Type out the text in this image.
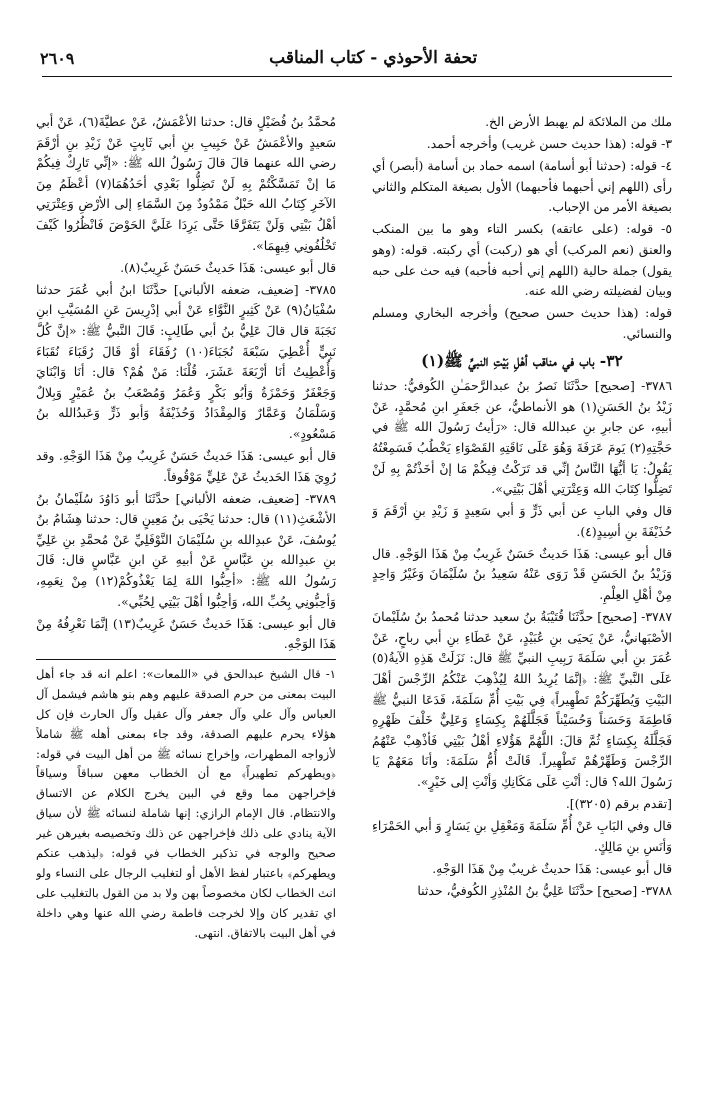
تحفة الأحوذي - كتاب المناقب
٢٦٠٩

ملك من الملائكة لم يهبط الأرض الخ.

٣- قوله: (هذا حديث حسن غريب) وأخرجه أحمد.

٤- قوله: (حدثنا أبو أسامة) اسمه حماد بن أسامة (أبصر) أي رأى (اللهم إني أحبهما فأحبهما) الأول بصيغة المتكلم والثاني بصيغة الأمر من الإحباب.

٥- قوله: (على عاتقه) بكسر التاء وهو ما بين المنكب والعنق (نعم المركب) أي هو (ركبت) أي ركبته. قوله: (وهو يقول) جملة حالية (اللهم إني أحبه فأحبه) فيه حث على حبه وبيان لفضيلته رضي الله عنه.

قوله: (هذا حديث حسن صحيح) وأخرجه البخاري ومسلم والنسائي.

٣٢- باب في مناقب أهْلِ بَيْتِ النبيِّ ﷺ(١)

٣٧٨٦- [صحيح] حدَّثَنَا نَصرُ بنُ عبدالرَّحمَـٰنِ الكُوفيُّ: حدثنا زَيْدُ بنُ الحَسَنِ(١) هو الأنماطيُّ، عن جَعفَرِ ابنِ مُحمَّدٍ، عَنْ أبيهِ، عن جابرِ بنِ عبدالله قال: «رَأيتُ رَسُولَ الله ﷺ في حَجَّتِهِ(٢) يَومَ عَرَفَةَ وَهُوَ عَلَى نَاقَتِهِ القَصْوَاءِ يَخْطُبُ فَسَمِعْتُهُ يَقُولُ: يَا أيُّهَا النَّاسُ إنِّي قد تَرَكْتُ فِيكُمْ مَا إنْ أخَذْتُمْ بِهِ لَنْ تَضِلُّوا كِتَابَ الله وَعِتْرَتِي أهْلَ بَيْتِي».

قال وفي البابِ عن أبي ذَرٍّ وَ أبي سَعِيدٍ وَ زَيْدِ بنِ أرْقَمَ وَ حُذَيْفَةَ بنِ أسِيدٍ(٤).

قال أبو عيسى: هَذَا حَديثٌ حَسَنٌ غَرِيبٌ مِنْ هَذَا الوَجْهِ. قال وَزَيْدُ بنُ الحَسَنِ قَدْ رَوَى عَنْهُ سَعِيدُ بنُ سُلَيْمَانَ وَغَيْرُ وَاحِدٍ مِنْ أهْلِ العِلْمِ.

٣٧٨٧- [صحيح] حدَّثَنَا قُتَيْبَةُ بنُ سعيد حدثنا مُحمدُ بنُ سُلَيْمانَ الأصْبَهانيُّ، عَنْ يَحيَى بنِ عُبَيْدٍ، عَنْ عَطَاءِ بنِ أبي رباحٍ، عَنْ عُمَرَ بنِ أبي سَلَمَةَ رَبِيبِ النبيِّ ﷺ قال: نَزَلَتْ هَذِهِ الآيةُ(٥) عَلَى النَّبيِّ ﷺ: ﴿إنَّمَا يُرِيدُ اللهُ لِيُذْهِبَ عَنْكُمُ الرِّجْسَ أهْلَ البَيْتِ وَيُطَهِّرَكُمْ تَطْهِيراً﴾ فِي بَيْتِ أُمِّ سَلَمَةَ، فَدَعَا النبيُّ ﷺ فَاطِمَةَ وَحَسَناً وَحُسَيْناً فَجَلَّلَهُمْ بِكِسَاءٍ وَعَلِيٌّ خَلْفَ ظَهْرِهِ فَجَلَّلَهُ بِكِسَاءٍ ثُمَّ قالَ: اللَّهُمَّ هَؤُلاءِ أهْلُ بَيْتِي فَأذْهِبْ عَنْهُمُ الرِّجْسَ وَطَهِّرْهُمْ تَطْهِيراً. قَالَتْ أُمُّ سَلَمَةَ: وأنَا مَعَهُمْ يَا رَسُولَ الله؟ قال: أنْتِ عَلَى مَكَانِكِ وَأنْتِ إلى خَيْرٍ».

[تقدم برقم (٣٢٠٥)].

قال وفي البَابِ عَنْ أُمِّ سَلَمَةَ وَمَعْقِلِ بنِ يَسَارٍ وَ أبي الحَمْرَاءِ وَأنَسِ بنِ مَالِكٍ.

قال أبو عيسى: هَذَا حديثٌ غريبٌ مِنْ هَذَا الوَجْهِ.

٣٧٨٨- [صحيح] حدَّثَنَا عَلِيُّ بنُ المُنْذِرِ الكُوفيُّ، حدثنا

مُحمَّدُ بنُ فُضَيْلٍ قال: حدثنا الأعْمَشُ، عَنْ عطيَّةَ(٦)، عَنْ أبي سَعيدٍ والأعْمَشُ عَنْ حَبِيبِ بنِ أبي ثَابِتٍ عَنْ زَيْدِ بنِ أرْقَمَ رضي الله عنهما قالَ قالَ رَسُولُ الله ﷺ: «إنِّي تَارِكٌ فِيكُمْ مَا إنْ تَمَسَّكْتُمْ بِهِ لَنْ تَضِلُّوا بَعْدِي أحَدُهُمَا(٧) أعْظَمُ مِنَ الآخَرِ كِتَابُ الله حَبْلٌ مَمْدُودٌ مِنَ السَّمَاءِ إلى الأرْضِ وَعِتْرَتِي أهْلُ بَيْتِي وَلَنْ يَتَفَرَّقَا حَتَّى يَرِدَا عَلَيَّ الحَوْضَ فَانْظُرُوا كَيْفَ تَخْلُفُونِي فِيهِمَا».

قال أبو عيسى: هَذَا حَديثٌ حَسَنٌ غَرِيبٌ(٨).

٣٧٨٥- [ضعيف، ضعفه الألباني] حدَّثَنَا ابنُ أبي عُمَرَ حدثنا سُفْيَانُ(٩) عَنْ كَثِيرٍ النَّوَّاءِ عَنْ أبي إدْرِيسَ عَنِ المُسَيَّبِ ابنِ نَجَبَةَ قال قالَ عَلِيُّ بنُ أبي طَالِبٍ: قَالَ النَّبيُّ ﷺ: «إنَّ كُلَّ نَبِيٍّ أُعْطِيَ سَبْعَةَ نُجَبَاءَ(١٠) رُفَقَاءَ أوْ قَالَ رُقَبَاءَ نُقَبَاءَ وَأُعْطِيتُ أنَا أرْبَعَةَ عَشَرَ، قُلْنَا: مَنْ هُمْ؟ قال: أنَا وَابْنَايَ وَجَعْفَرٌ وَحَمْزَةُ وَأبُو بَكْرٍ وَعُمَرُ وَمُصْعَبُ بنُ عُمَيْرٍ وَبِلالٌ وَسَلْمَانُ وَعَمَّارٌ وَالمِقْدَادُ وَحُذَيْفَةُ وَأبو ذَرٍّ وَعَبدُالله بنُ مَسْعُودٍ».

قال أبو عيسى: هَذَا حَديثٌ حَسَنٌ غَرِيبٌ مِنْ هَذَا الوَجْهِ. وقد رُوِيَ هَذَا الحَديثُ عَنْ عَلِيٍّ مَوْقُوفاً.

٣٧٨٩- [ضعيف، ضعفه الألباني] حدَّثَنَا أبو دَاوُدَ سُلَيْمانُ بنُ الأشْعَثِ(١١) قال: حدثنا يَحْيَى بنُ مَعِينٍ قال: حدثنا هِشَامُ بنُ يُوسُفَ، عَنْ عبدِالله بنِ سُلَيْمَانَ النَّوْفَلِيِّ عَنْ مُحمَّدِ بنِ عَلِيِّ بنِ عبدِالله بنِ عَبَّاسٍ عَنْ أبيهِ عَنِ ابنِ عَبَّاسٍ قال: قَالَ رَسُولُ الله ﷺ: «أحِبُّوا اللهَ لِمَا يَغْذُوكُمْ(١٢) مِنْ نِعَمِهِ، وَأحِبُّونِي بِحُبِّ الله، وَأحِبُّوا أهْلَ بَيْتِي لِحُبِّي».

قال أبو عيسى: هَذَا حَديثٌ حَسَنٌ غَرِيبٌ(١٣) إنَّمَا نَعْرِفُهُ مِنْ هَذَا الوَجْهِ.

١- قال الشيخ عبدالحق في «اللمعات»: اعلم انه قد جاء أهل البيت بمعنى من حرم الصدقة عليهم وهم بنو هاشم فيشمل آل العباس وآل علي وآل جعفر وآل عقيل وآل الحارث فإن كل هؤلاء يحرم عليهم الصدقة، وقد جاء بمعنى أهله ﷺ شاملاً لأزواجه المطهرات، وإخراج نسائه ﷺ من أهل البيت في قوله: ﴿ويطهركم تطهيراً﴾ مع أن الخطاب معهن سباقاً وسياقاً فإخراجهن مما وقع في البين يخرج الكلام عن الاتساق والانتظام. قال الإمام الرازي: إنها شاملة لنسائه ﷺ لأن سياق الآية ينادي على ذلك فإخراجهن عن ذلك وتخصيصه بغيرهن غير صحيح والوجه في تذكير الخطاب في قوله: ﴿ليذهب عنكم ويطهركم﴾ باعتبار لفظ الأهل أو لتغليب الرجال على النساء ولو انث الخطاب لكان مخصوصاً بهن ولا بد من القول بالتغليب على اي تقدير كان وإلا لخرجت فاطمة رضي الله عنها وهي داخلة في أهل البيت بالاتفاق. انتهى.
